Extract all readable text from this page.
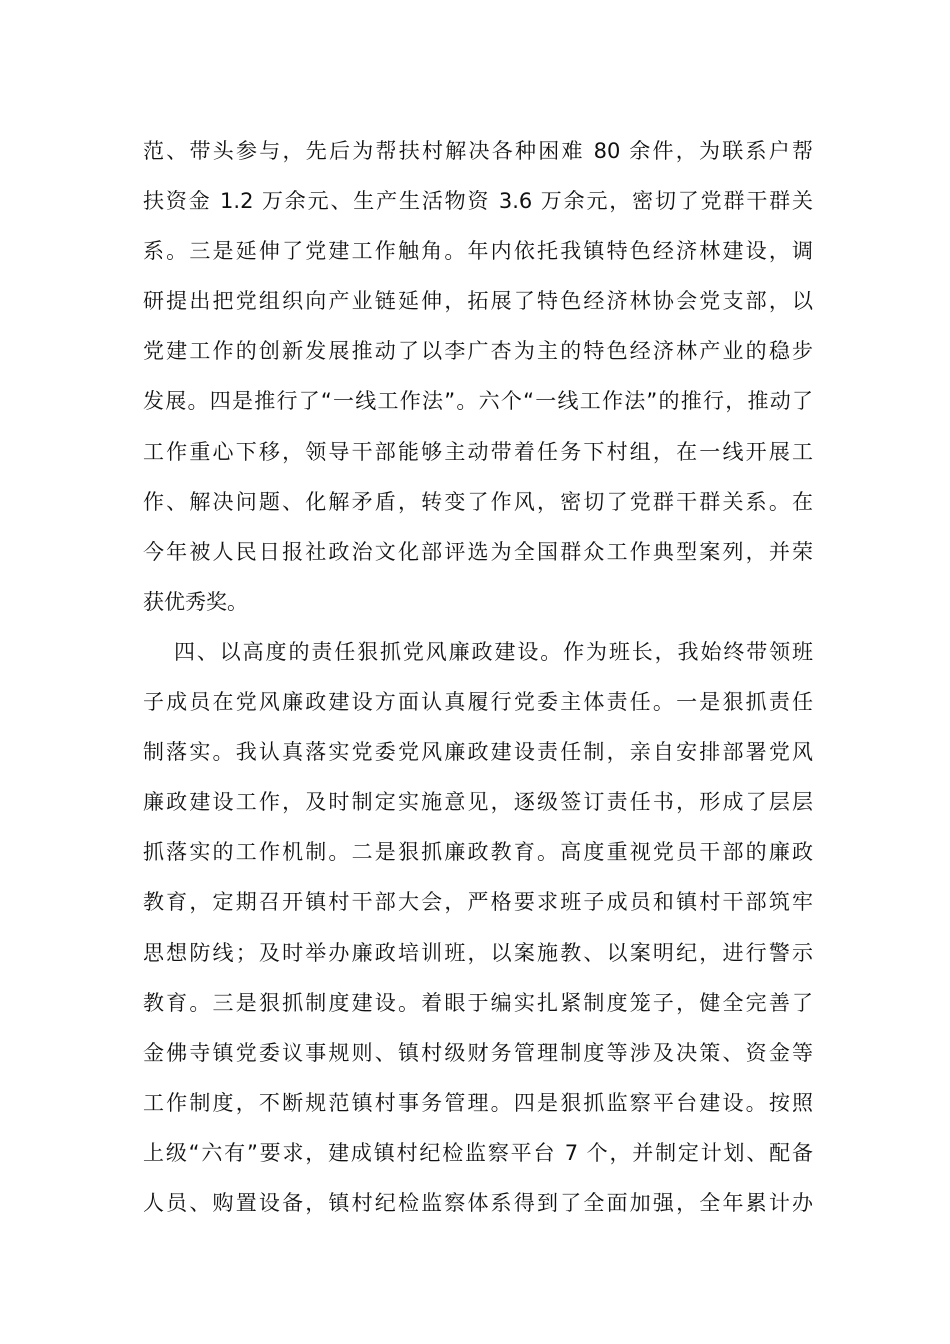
范、带头参与，先后为帮扶村解决各种困难 80 余件，为联系户帮
扶资金 1.2 万余元、生产生活物资 3.6 万余元，密切了党群干群关
系。三是延伸了党建工作触角。年内依托我镇特色经济林建设，调
研提出把党组织向产业链延伸，拓展了特色经济林协会党支部，以
党建工作的创新发展推动了以李广杏为主的特色经济林产业的稳步
发展。四是推行了“一线工作法”。六个“一线工作法”的推行，推动了
工作重心下移，领导干部能够主动带着任务下村组，在一线开展工
作、解决问题、化解矛盾，转变了作风，密切了党群干群关系。在
今年被人民日报社政治文化部评选为全国群众工作典型案列，并荣
获优秀奖。
四、以高度的责任狠抓党风廉政建设。作为班长，我始终带领班
子成员在党风廉政建设方面认真履行党委主体责任。一是狠抓责任
制落实。我认真落实党委党风廉政建设责任制，亲自安排部署党风
廉政建设工作，及时制定实施意见，逐级签订责任书，形成了层层
抓落实的工作机制。二是狠抓廉政教育。高度重视党员干部的廉政
教育，定期召开镇村干部大会，严格要求班子成员和镇村干部筑牢
思想防线；及时举办廉政培训班，以案施教、以案明纪，进行警示
教育。三是狠抓制度建设。着眼于编实扎紧制度笼子，健全完善了
金佛寺镇党委议事规则、镇村级财务管理制度等涉及决策、资金等
工作制度，不断规范镇村事务管理。四是狠抓监察平台建设。按照
上级“六有”要求，建成镇村纪检监察平台 7 个，并制定计划、配备
人员、购置设备，镇村纪检监察体系得到了全面加强，全年累计办
